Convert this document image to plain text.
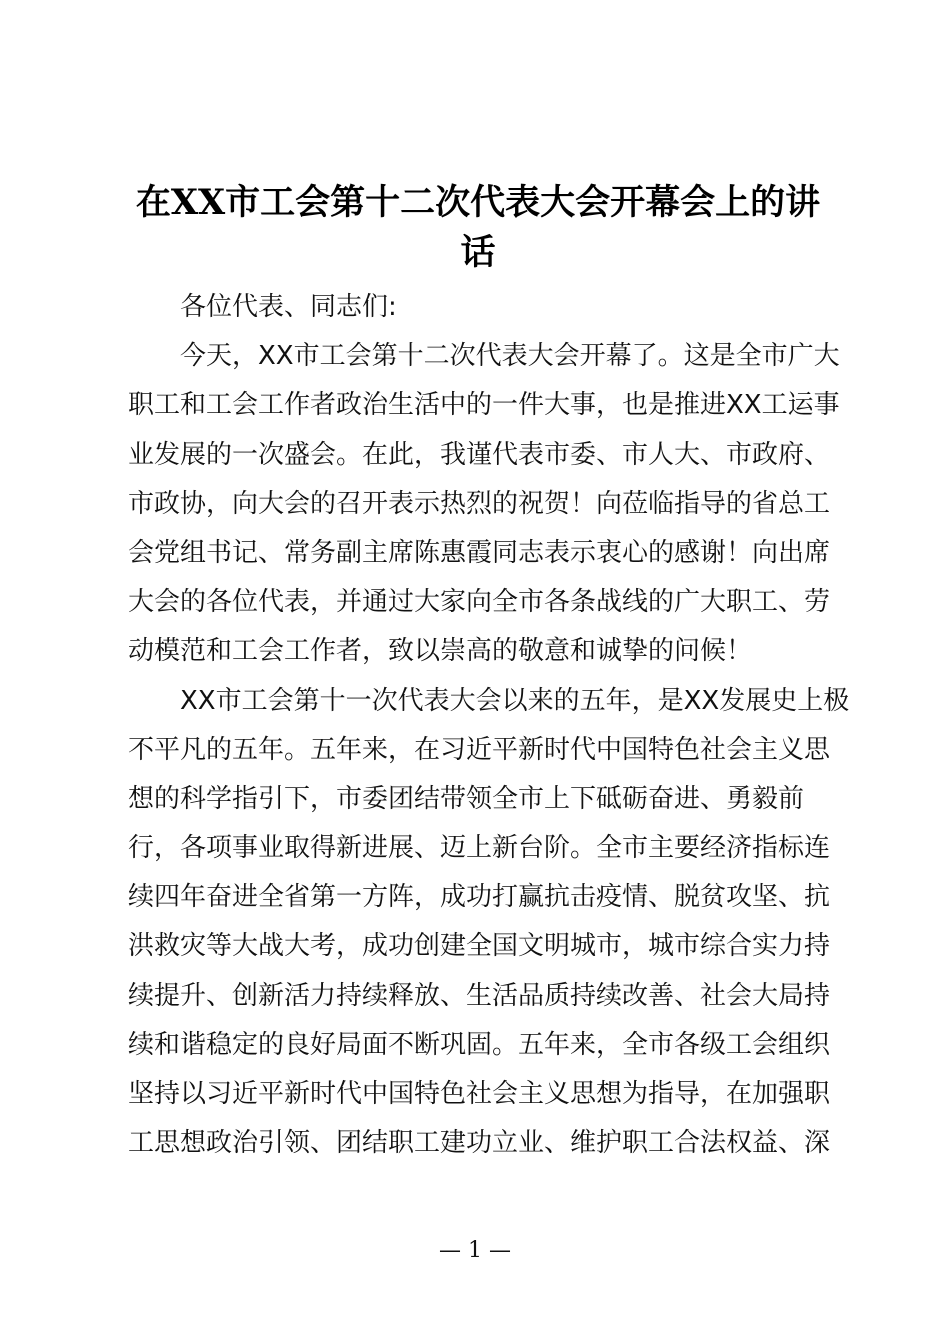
在XX市工会第十二次代表大会开幕会上的讲
话
各位代表、同志们:
今天，XX市工会第十二次代表大会开幕了。这是全市广大
职工和工会工作者政治生活中的一件大事，也是推进XX工运事
业发展的一次盛会。在此，我谨代表市委、市人大、市政府、
市政协，向大会的召开表示热烈的祝贺！向莅临指导的省总工
会党组书记、常务副主席陈惠霞同志表示衷心的感谢！向出席
大会的各位代表，并通过大家向全市各条战线的广大职工、劳
动模范和工会工作者，致以崇高的敬意和诚挚的问候！
XX市工会第十一次代表大会以来的五年，是XX发展史上极
不平凡的五年。五年来，在习近平新时代中国特色社会主义思
想的科学指引下，市委团结带领全市上下砥砺奋进、勇毅前
行，各项事业取得新进展、迈上新台阶。全市主要经济指标连
续四年奋进全省第一方阵，成功打赢抗击疫情、脱贫攻坚、抗
洪救灾等大战大考，成功创建全国文明城市，城市综合实力持
续提升、创新活力持续释放、生活品质持续改善、社会大局持
续和谐稳定的良好局面不断巩固。五年来，全市各级工会组织
坚持以习近平新时代中国特色社会主义思想为指导，在加强职
工思想政治引领、团结职工建功立业、维护职工合法权益、深
— 1 —
